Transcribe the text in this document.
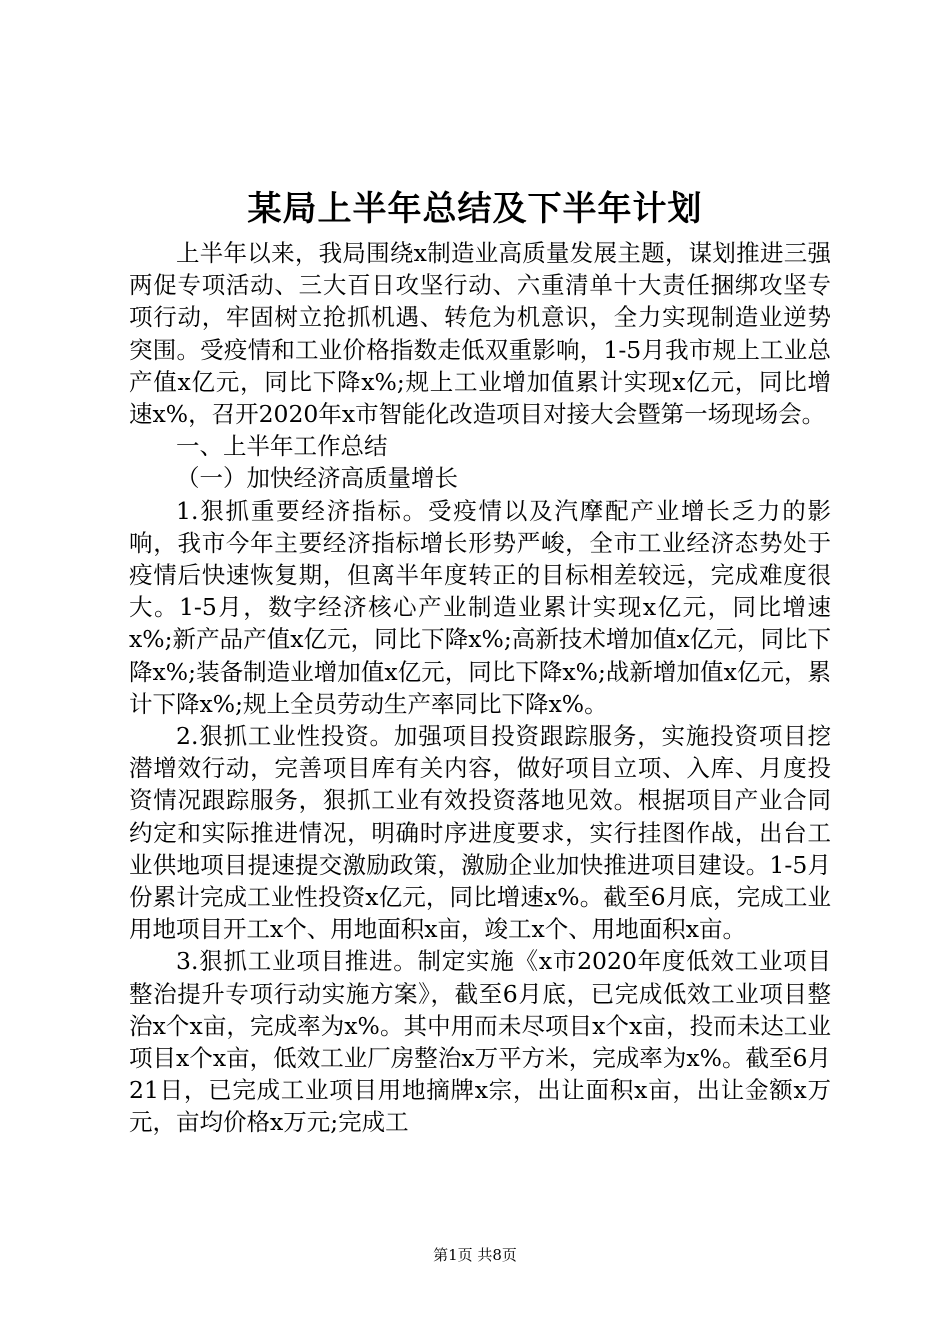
某局上半年总结及下半年计划

上半年以来，我局围绕x制造业高质量发展主题，谋划推进三强两促专项活动、三大百日攻坚行动、六重清单十大责任捆绑攻坚专项行动，牢固树立抢抓机遇、转危为机意识，全力实现制造业逆势突围。受疫情和工业价格指数走低双重影响，1-5月我市规上工业总产值x亿元，同比下降x%;规上工业增加值累计实现x亿元，同比增速x%，召开2020年x市智能化改造项目对接大会暨第一场现场会。

一、上半年工作总结

（一）加快经济高质量增长

1.狠抓重要经济指标。受疫情以及汽摩配产业增长乏力的影响，我市今年主要经济指标增长形势严峻，全市工业经济态势处于疫情后快速恢复期，但离半年度转正的目标相差较远，完成难度很大。1-5月，数字经济核心产业制造业累计实现x亿元，同比增速x%;新产品产值x亿元，同比下降x%;高新技术增加值x亿元，同比下降x%;装备制造业增加值x亿元，同比下降x%;战新增加值x亿元，累计下降x%;规上全员劳动生产率同比下降x%。

2.狠抓工业性投资。加强项目投资跟踪服务，实施投资项目挖潜增效行动，完善项目库有关内容，做好项目立项、入库、月度投资情况跟踪服务，狠抓工业有效投资落地见效。根据项目产业合同约定和实际推进情况，明确时序进度要求，实行挂图作战，出台工业供地项目提速提交激励政策，激励企业加快推进项目建设。1-5月份累计完成工业性投资x亿元，同比增速x%。截至6月底，完成工业用地项目开工x个、用地面积x亩，竣工x个、用地面积x亩。

3.狠抓工业项目推进。制定实施《x市2020年度低效工业项目整治提升专项行动实施方案》，截至6月底，已完成低效工业项目整治x个x亩，完成率为x%。其中用而未尽项目x个x亩，投而未达工业项目x个x亩，低效工业厂房整治x万平方米，完成率为x%。截至6月21日，已完成工业项目用地摘牌x宗，出让面积x亩，出让金额x万元，亩均价格x万元;完成工

第1页 共8页
